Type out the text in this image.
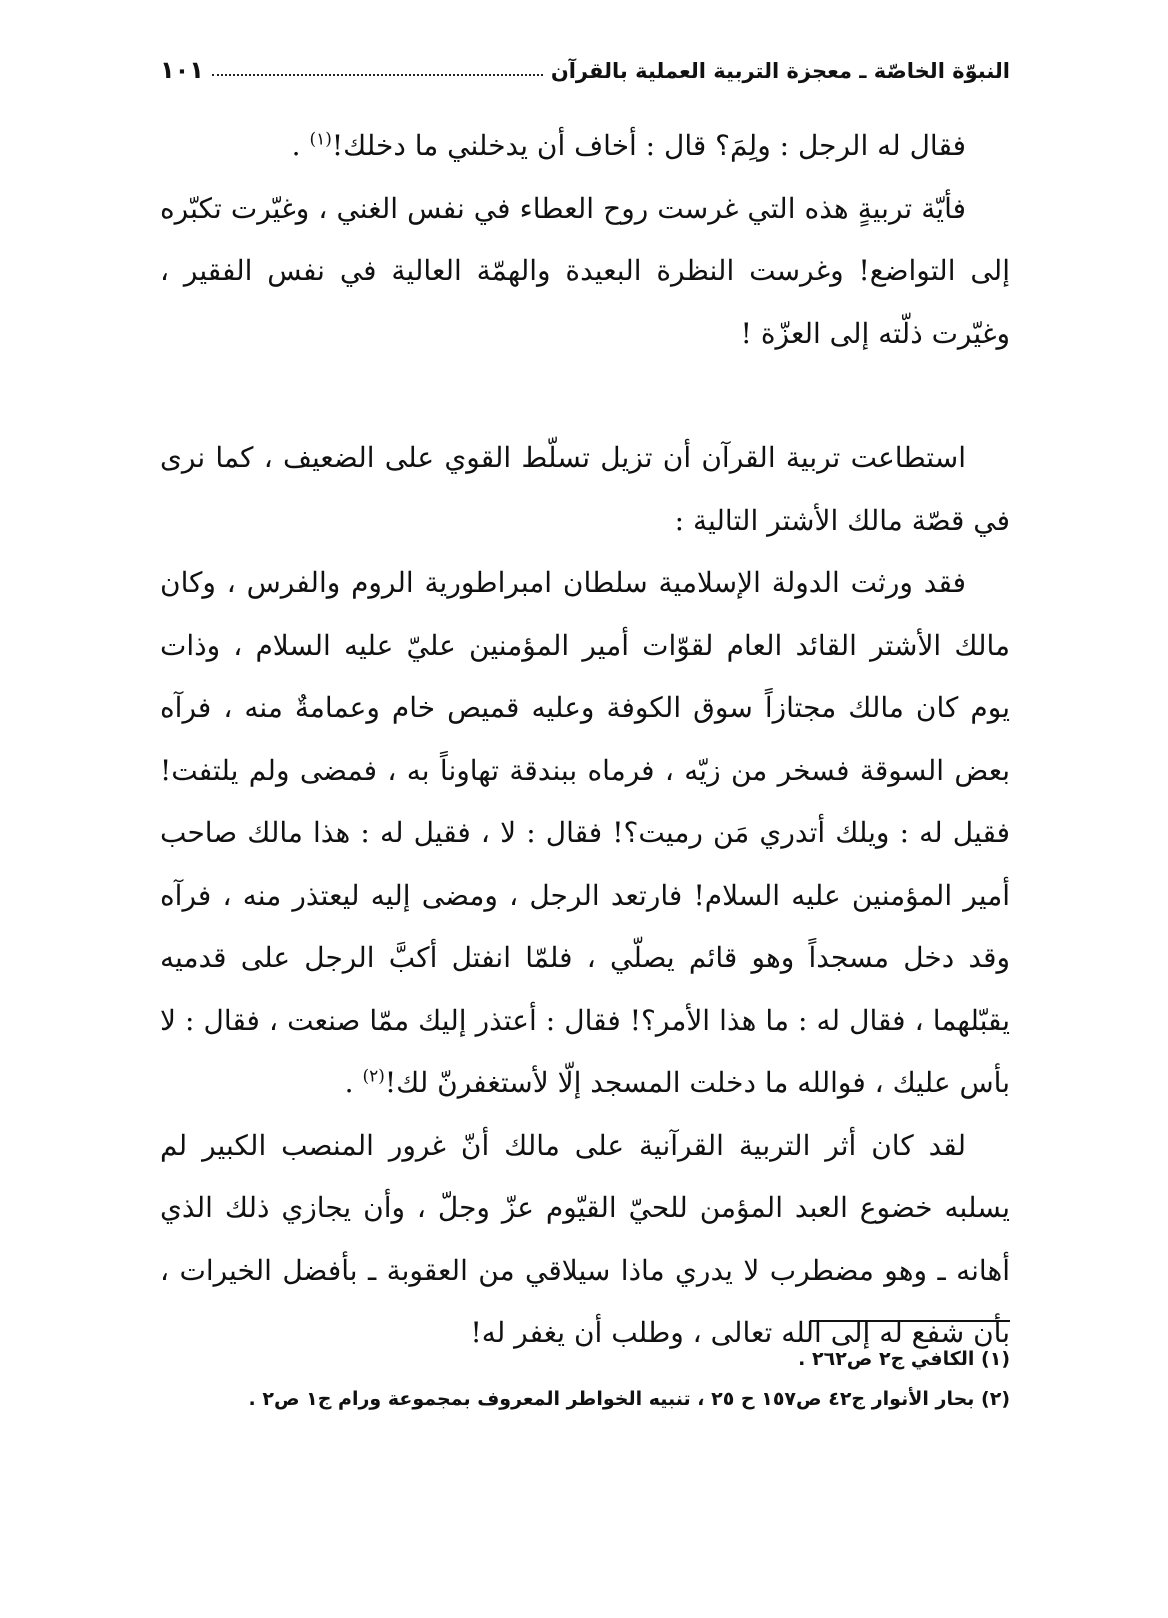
النبوّة الخاصّة ـ معجزة التربية العملية بالقرآن
١٠١

فقال له الرجل : ولِمَ؟ قال : أخاف أن يدخلني ما دخلك!$^{(١)}$ .

فأيّة تربيةٍ هذه التي غرست روح العطاء في نفس الغني ، وغيّرت تكبّره إلى التواضع! وغرست النظرة البعيدة والهمّة العالية في نفس الفقير ، وغيّرت ذلّته إلى العزّة !

استطاعت تربية القرآن أن تزيل تسلّط القوي على الضعيف ، كما نرى في قصّة مالك الأشتر التالية :

فقد ورثت الدولة الإسلامية سلطان امبراطورية الروم والفرس ، وكان مالك الأشتر القائد العام لقوّات أمير المؤمنين عليّ عليه السلام ، وذات يوم كان مالك مجتازاً سوق الكوفة وعليه قميص خام وعمامةٌ منه ، فرآه بعض السوقة فسخر من زيّه ، فرماه ببندقة تهاوناً به ، فمضى ولم يلتفت! فقيل له : ويلك أتدري مَن رميت؟! فقال : لا ، فقيل له : هذا مالك صاحب أمير المؤمنين عليه السلام! فارتعد الرجل ، ومضى إليه ليعتذر منه ، فرآه وقد دخل مسجداً وهو قائم يصلّي ، فلمّا انفتل أكبَّ الرجل على قدميه يقبّلهما ، فقال له : ما هذا الأمر؟! فقال : أعتذر إليك ممّا صنعت ، فقال : لا بأس عليك ، فوالله ما دخلت المسجد إلّا لأستغفرنّ لك!$^{(٢)}$ .

لقد كان أثر التربية القرآنية على مالك أنّ غرور المنصب الكبير لم يسلبه خضوع العبد المؤمن للحيّ القيّوم عزّ وجلّ ، وأن يجازي ذلك الذي أهانه ـ وهو مضطرب لا يدري ماذا سيلاقي من العقوبة ـ بأفضل الخيرات ، بأن شفع له إلى الله تعالى ، وطلب أن يغفر له!

(١) الكافي ج٢ ص٢٦٢ .

(٢) بحار الأنوار ج٤٢ ص١٥٧ ح ٢٥ ، تنبيه الخواطر المعروف بمجموعة ورام ج١ ص٢ .
